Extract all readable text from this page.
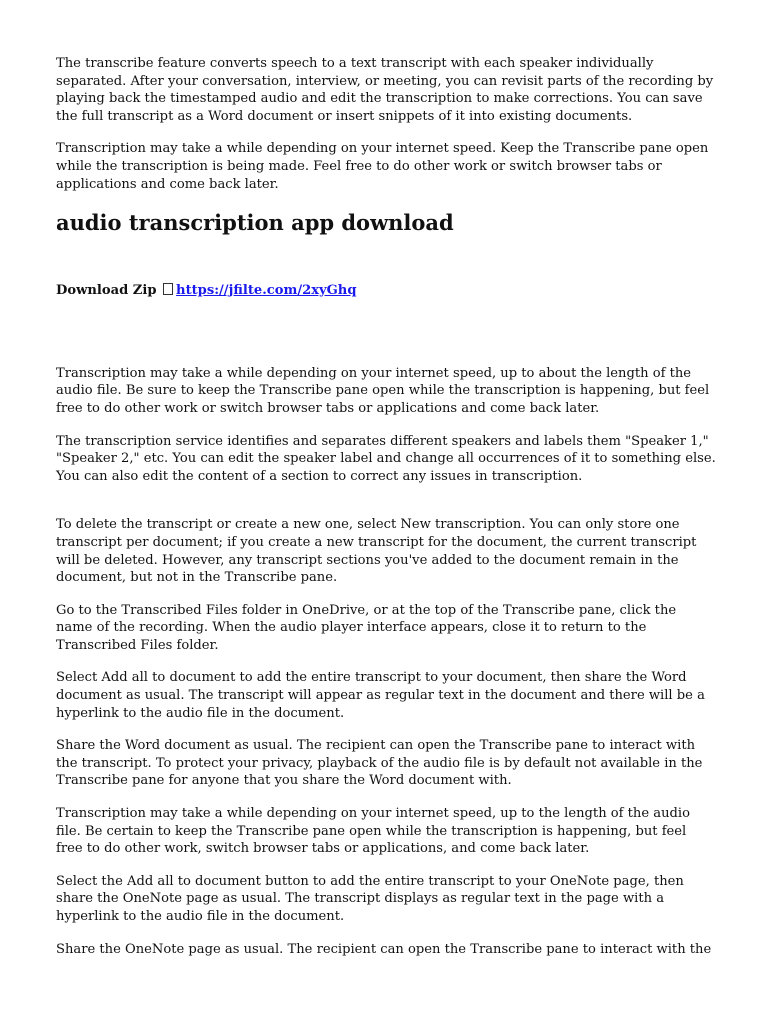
The transcribe feature converts speech to a text transcript with each speaker individually separated. After your conversation, interview, or meeting, you can revisit parts of the recording by playing back the timestamped audio and edit the transcription to make corrections. You can save the full transcript as a Word document or insert snippets of it into existing documents.

Transcription may take a while depending on your internet speed. Keep the Transcribe pane open while the transcription is being made. Feel free to do other work or switch browser tabs or applications and come back later.

audio transcription app download

Download Zip https://jfilte.com/2xyGhq

Transcription may take a while depending on your internet speed, up to about the length of the audio file. Be sure to keep the Transcribe pane open while the transcription is happening, but feel free to do other work or switch browser tabs or applications and come back later.

The transcription service identifies and separates different speakers and labels them "Speaker 1," "Speaker 2," etc. You can edit the speaker label and change all occurrences of it to something else. You can also edit the content of a section to correct any issues in transcription.

To delete the transcript or create a new one, select New transcription. You can only store one transcript per document; if you create a new transcript for the document, the current transcript will be deleted. However, any transcript sections you've added to the document remain in the document, but not in the Transcribe pane.

Go to the Transcribed Files folder in OneDrive, or at the top of the Transcribe pane, click the name of the recording. When the audio player interface appears, close it to return to the Transcribed Files folder.

Select Add all to document to add the entire transcript to your document, then share the Word document as usual. The transcript will appear as regular text in the document and there will be a hyperlink to the audio file in the document.

Share the Word document as usual. The recipient can open the Transcribe pane to interact with the transcript. To protect your privacy, playback of the audio file is by default not available in the Transcribe pane for anyone that you share the Word document with.

Transcription may take a while depending on your internet speed, up to the length of the audio file. Be certain to keep the Transcribe pane open while the transcription is happening, but feel free to do other work, switch browser tabs or applications, and come back later.

Select the Add all to document button to add the entire transcript to your OneNote page, then share the OneNote page as usual. The transcript displays as regular text in the page with a hyperlink to the audio file in the document.

Share the OneNote page as usual. The recipient can open the Transcribe pane to interact with the
